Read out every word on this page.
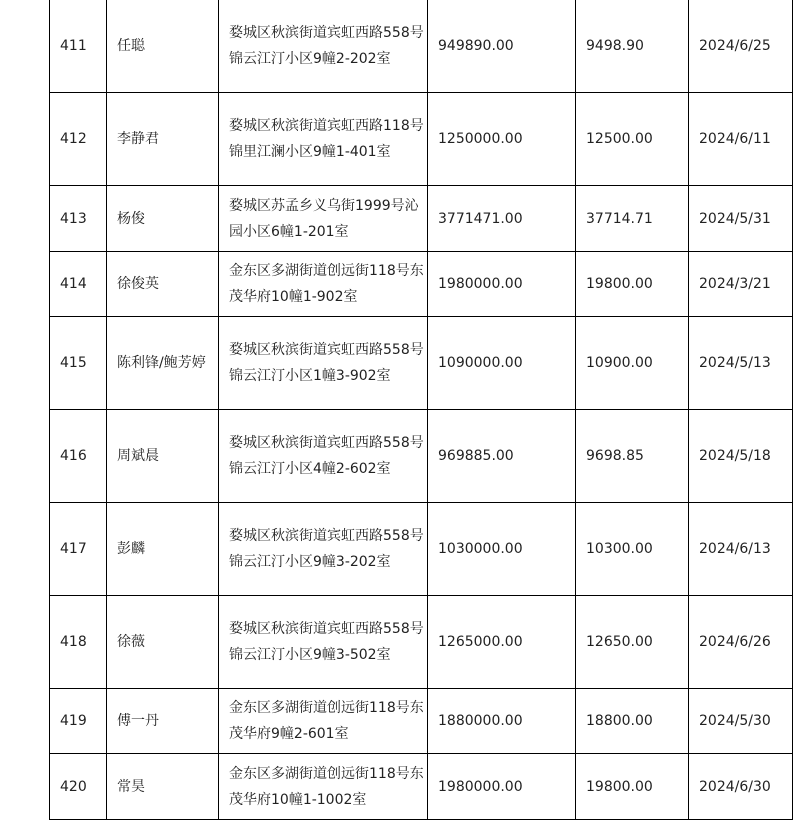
411	任聪	婺城区秋滨街道宾虹西路558号锦云江汀小区9幢2-202室	949890.00	9498.90	2024/6/25
412	李静君	婺城区秋滨街道宾虹西路118号锦里江澜小区9幢1-401室	1250000.00	12500.00	2024/6/11
413	杨俊	婺城区苏孟乡义乌街1999号沁园小区6幢1-201室	3771471.00	37714.71	2024/5/31
414	徐俊英	金东区多湖街道创远街118号东茂华府10幢1-902室	1980000.00	19800.00	2024/3/21
415	陈利锋/鲍芳婷	婺城区秋滨街道宾虹西路558号锦云江汀小区1幢3-902室	1090000.00	10900.00	2024/5/13
416	周斌晨	婺城区秋滨街道宾虹西路558号锦云江汀小区4幢2-602室	969885.00	9698.85	2024/5/18
417	彭麟	婺城区秋滨街道宾虹西路558号锦云江汀小区9幢3-202室	1030000.00	10300.00	2024/6/13
418	徐薇	婺城区秋滨街道宾虹西路558号锦云江汀小区9幢3-502室	1265000.00	12650.00	2024/6/26
419	傅一丹	金东区多湖街道创远街118号东茂华府9幢2-601室	1880000.00	18800.00	2024/5/30
420	常昊	金东区多湖街道创远街118号东茂华府10幢1-1002室	1980000.00	19800.00	2024/6/30
